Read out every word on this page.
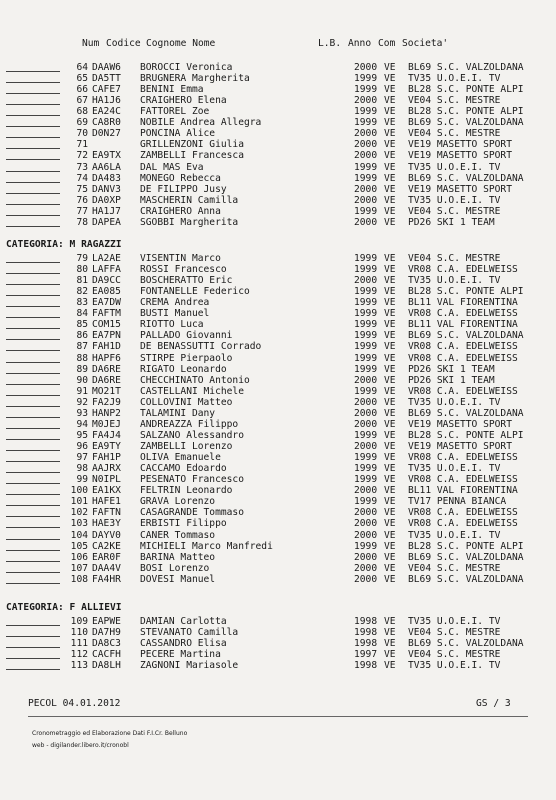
Num Codice Cognome Nome	L.B. Anno Com Societa'
64 DAAW6 BOROCCI Veronica	2000 VE BL69 S.C. VALZOLDANA
65 DA5TT BRUGNERA Margherita	1999 VE TV35 U.O.E.I. TV
66 CAFE7 BENINI Emma	1999 VE BL28 S.C. PONTE ALPI
67 HA1J6 CRAIGHERO Elena	2000 VE VE04 S.C. MESTRE
68 EA24C FATTOREL Zoe	1999 VE BL28 S.C. PONTE ALPI
69 CA8R0 NOBILE Andrea Allegra	1999 VE BL69 S.C. VALZOLDANA
70 D0N27 PONCINA Alice	2000 VE VE04 S.C. MESTRE
71	GRILLENZONI Giulia	2000 VE VE19 MASETTO SPORT
72 EA9TX ZAMBELLI Francesca	2000 VE VE19 MASETTO SPORT
73 AA6LA DAL MAS Eva	1999 VE TV35 U.O.E.I. TV
74 DA483 MONEGO Rebecca	1999 VE BL69 S.C. VALZOLDANA
75 DANV3 DE FILIPPO Jusy	2000 VE VE19 MASETTO SPORT
76 DA0XP MASCHERIN Camilla	2000 VE TV35 U.O.E.I. TV
77 HA1J7 CRAIGHERO Anna	1999 VE VE04 S.C. MESTRE
78 DAPEA SGOBBI Margherita	2000 VE PD26 SKI 1 TEAM
CATEGORIA: M RAGAZZI
79 LA2AE VISENTIN Marco	1999 VE VE04 S.C. MESTRE
80 LAFFA ROSSI Francesco	1999 VE VR08 C.A. EDELWEISS
81 DA9CC BOSCHERATTO Eric	2000 VE TV35 U.O.E.I. TV
82 EA085 FONTANELLE Federico	1999 VE BL28 S.C. PONTE ALPI
83 EA7DW CREMA Andrea	1999 VE BL11 VAL FIORENTINA
84 FAFTM BUSTI Manuel	1999 VE VR08 C.A. EDELWEISS
85 COM15 RIOTTO Luca	1999 VE BL11 VAL FIORENTINA
86 EA7PN PALLADO Giovanni	1999 VE BL69 S.C. VALZOLDANA
87 FAH1D DE BENASSUTTI Corrado	1999 VE VR08 C.A. EDELWEISS
88 HAPF6 STIRPE Pierpaolo	1999 VE VR08 C.A. EDELWEISS
89 DA6RE RIGATO Leonardo	1999 VE PD26 SKI 1 TEAM
90 DA6RE CHECCHINATO Antonio	2000 VE PD26 SKI 1 TEAM
91 MO21T CASTELLANI Michele	1999 VE VR08 C.A. EDELWEISS
92 FA2J9 COLLOVINI Matteo	2000 VE TV35 U.O.E.I. TV
93 HANP2 TALAMINI Dany	2000 VE BL69 S.C. VALZOLDANA
94 M0JEJ ANDREAZZA Filippo	2000 VE VE19 MASETTO SPORT
95 FA4J4 SALZANO Alessandro	1999 VE BL28 S.C. PONTE ALPI
96 EA9TY ZAMBELLI Lorenzo	2000 VE VE19 MASETTO SPORT
97 FAH1P OLIVA Emanuele	1999 VE VR08 C.A. EDELWEISS
98 AAJRX CACCAMO Edoardo	1999 VE TV35 U.O.E.I. TV
99 N0IPL PESENATO Francesco	1999 VE VR08 C.A. EDELWEISS
100 EA1KX FELTRIN Leonardo	2000 VE BL11 VAL FIORENTINA
101 HAFE1 GRAVA Lorenzo	1999 VE TV17 PENNA BIANCA
102 FAFTN CASAGRANDE Tommaso	2000 VE VR08 C.A. EDELWEISS
103 HAE3Y ERBISTI Filippo	2000 VE VR08 C.A. EDELWEISS
104 DAYV0 CANER Tommaso	2000 VE TV35 U.O.E.I. TV
105 CA2KE MICHIELI Marco Manfredi	1999 VE BL28 S.C. PONTE ALPI
106 EAR0F BARINA Matteo	2000 VE BL69 S.C. VALZOLDANA
107 DAA4V BOSI Lorenzo	2000 VE VE04 S.C. MESTRE
108 FA4HR DOVESI Manuel	2000 VE BL69 S.C. VALZOLDANA
CATEGORIA: F ALLIEVI
109 EAPWE DAMIAN Carlotta	1998 VE TV35 U.O.E.I. TV
110 DA7H9 STEVANATO Camilla	1998 VE VE04 S.C. MESTRE
111 DA8C3 CASSANDRO Elisa	1998 VE BL69 S.C. VALZOLDANA
112 CACFH PECERE Martina	1997 VE VE04 S.C. MESTRE
113 DA8LH ZAGNONI Mariasole	1998 VE TV35 U.O.E.I. TV
PECOL 04.01.2012	GS / 3
Cronometraggio ed Elaborazione Dati F.I.Cr. Belluno
web - digilander.libero.it/cronobl
